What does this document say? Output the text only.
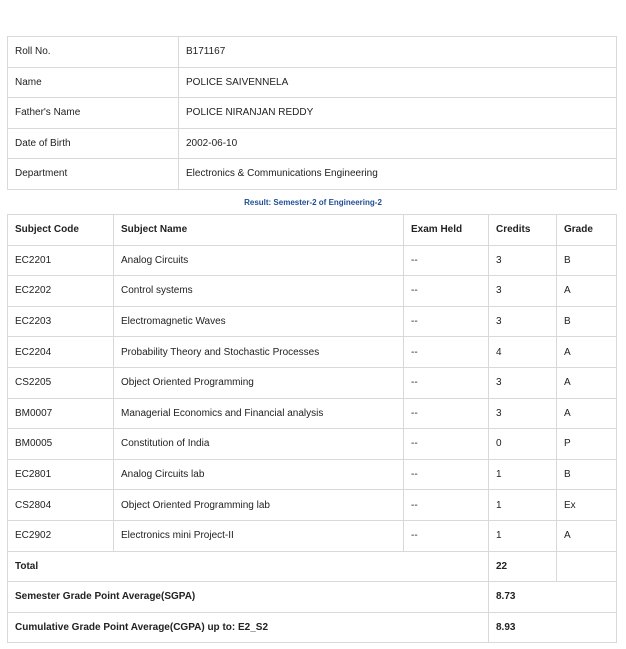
Roll No.	B171167
Name	POLICE SAIVENNELA
Father's Name	POLICE NIRANJAN REDDY
Date of Birth	2002-06-10
Department	Electronics & Communications Engineering
Result: Semester-2 of Engineering-2
Subject Code	Subject Name	Exam Held	Credits	Grade
EC2201	Analog Circuits	--	3	B
EC2202	Control systems	--	3	A
EC2203	Electromagnetic Waves	--	3	B
EC2204	Probability Theory and Stochastic Processes	--	4	A
CS2205	Object Oriented Programming	--	3	A
BM0007	Managerial Economics and Financial analysis	--	3	A
BM0005	Constitution of India	--	0	P
EC2801	Analog Circuits lab	--	1	B
CS2804	Object Oriented Programming lab	--	1	Ex
EC2902	Electronics mini Project-II	--	1	A
Total			22	
Semester Grade Point Average(SGPA)			8.73	
Cumulative Grade Point Average(CGPA) up to: E2_S2			8.93	
